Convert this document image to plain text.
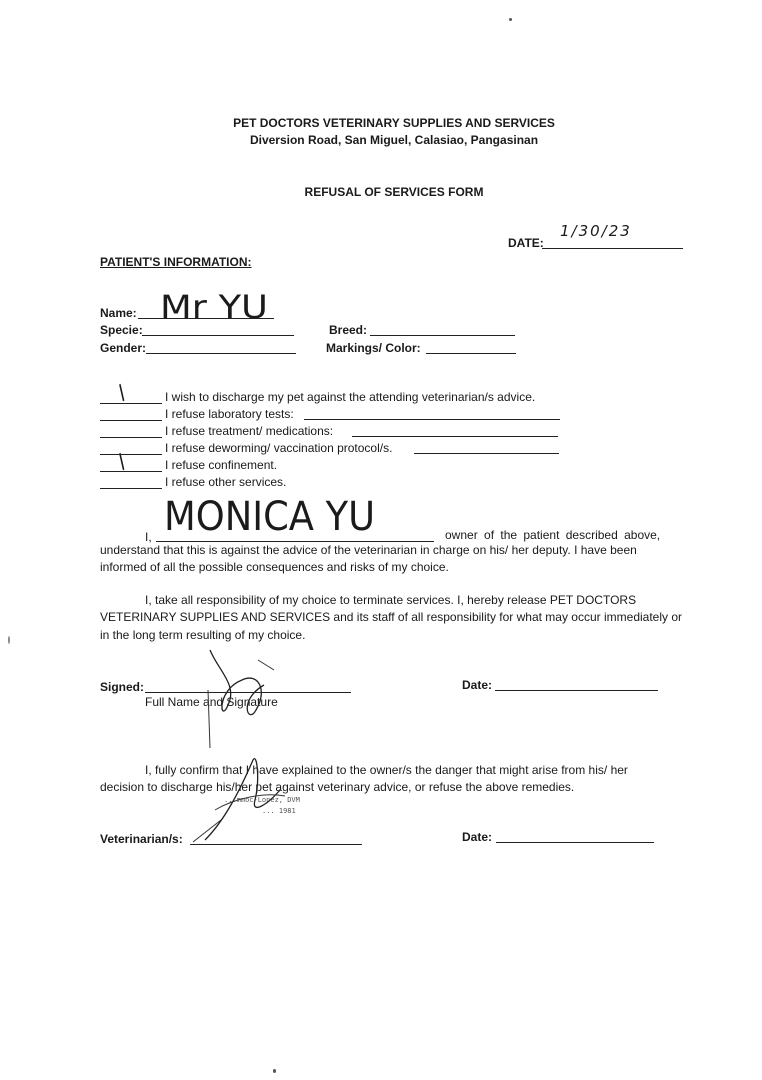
PET DOCTORS VETERINARY SUPPLIES AND SERVICES
Diversion Road, San Miguel, Calasiao, Pangasinan
REFUSAL OF SERVICES FORM
DATE:
1/30/23
PATIENT'S INFORMATION:
Name: Mr YU
Specie:
Gender:
Breed:
Markings/ Color:
I wish to discharge my pet against the attending veterinarian/s advice.
/
I refuse laboratory tests:
I refuse treatment/ medications:
I refuse deworming/ vaccination protocol/s.
I refuse confinement.
/
I refuse other services.
I, MONICA YU	owner of the patient described above,
understand that this is against the advice of the veterinarian in charge on his/ her deputy. I have been
informed of all the possible consequences and risks of my choice.
I, take all responsibility of my choice to terminate services. I, hereby release PET DOCTORS
VETERINARY SUPPLIES AND SERVICES and its staff of all responsibility for what may occur immediately or
in the long term resulting of my choice.
Signed:
Full Name and Signature
Date:
I, fully confirm that I have explained to the owner/s the danger that might arise from his/ her
decision to discharge his/her pet against veterinary advice, or refuse the above remedies.
...mmoc-Lopez, DVM
... 1981
Veterinarian/s:	Date:
